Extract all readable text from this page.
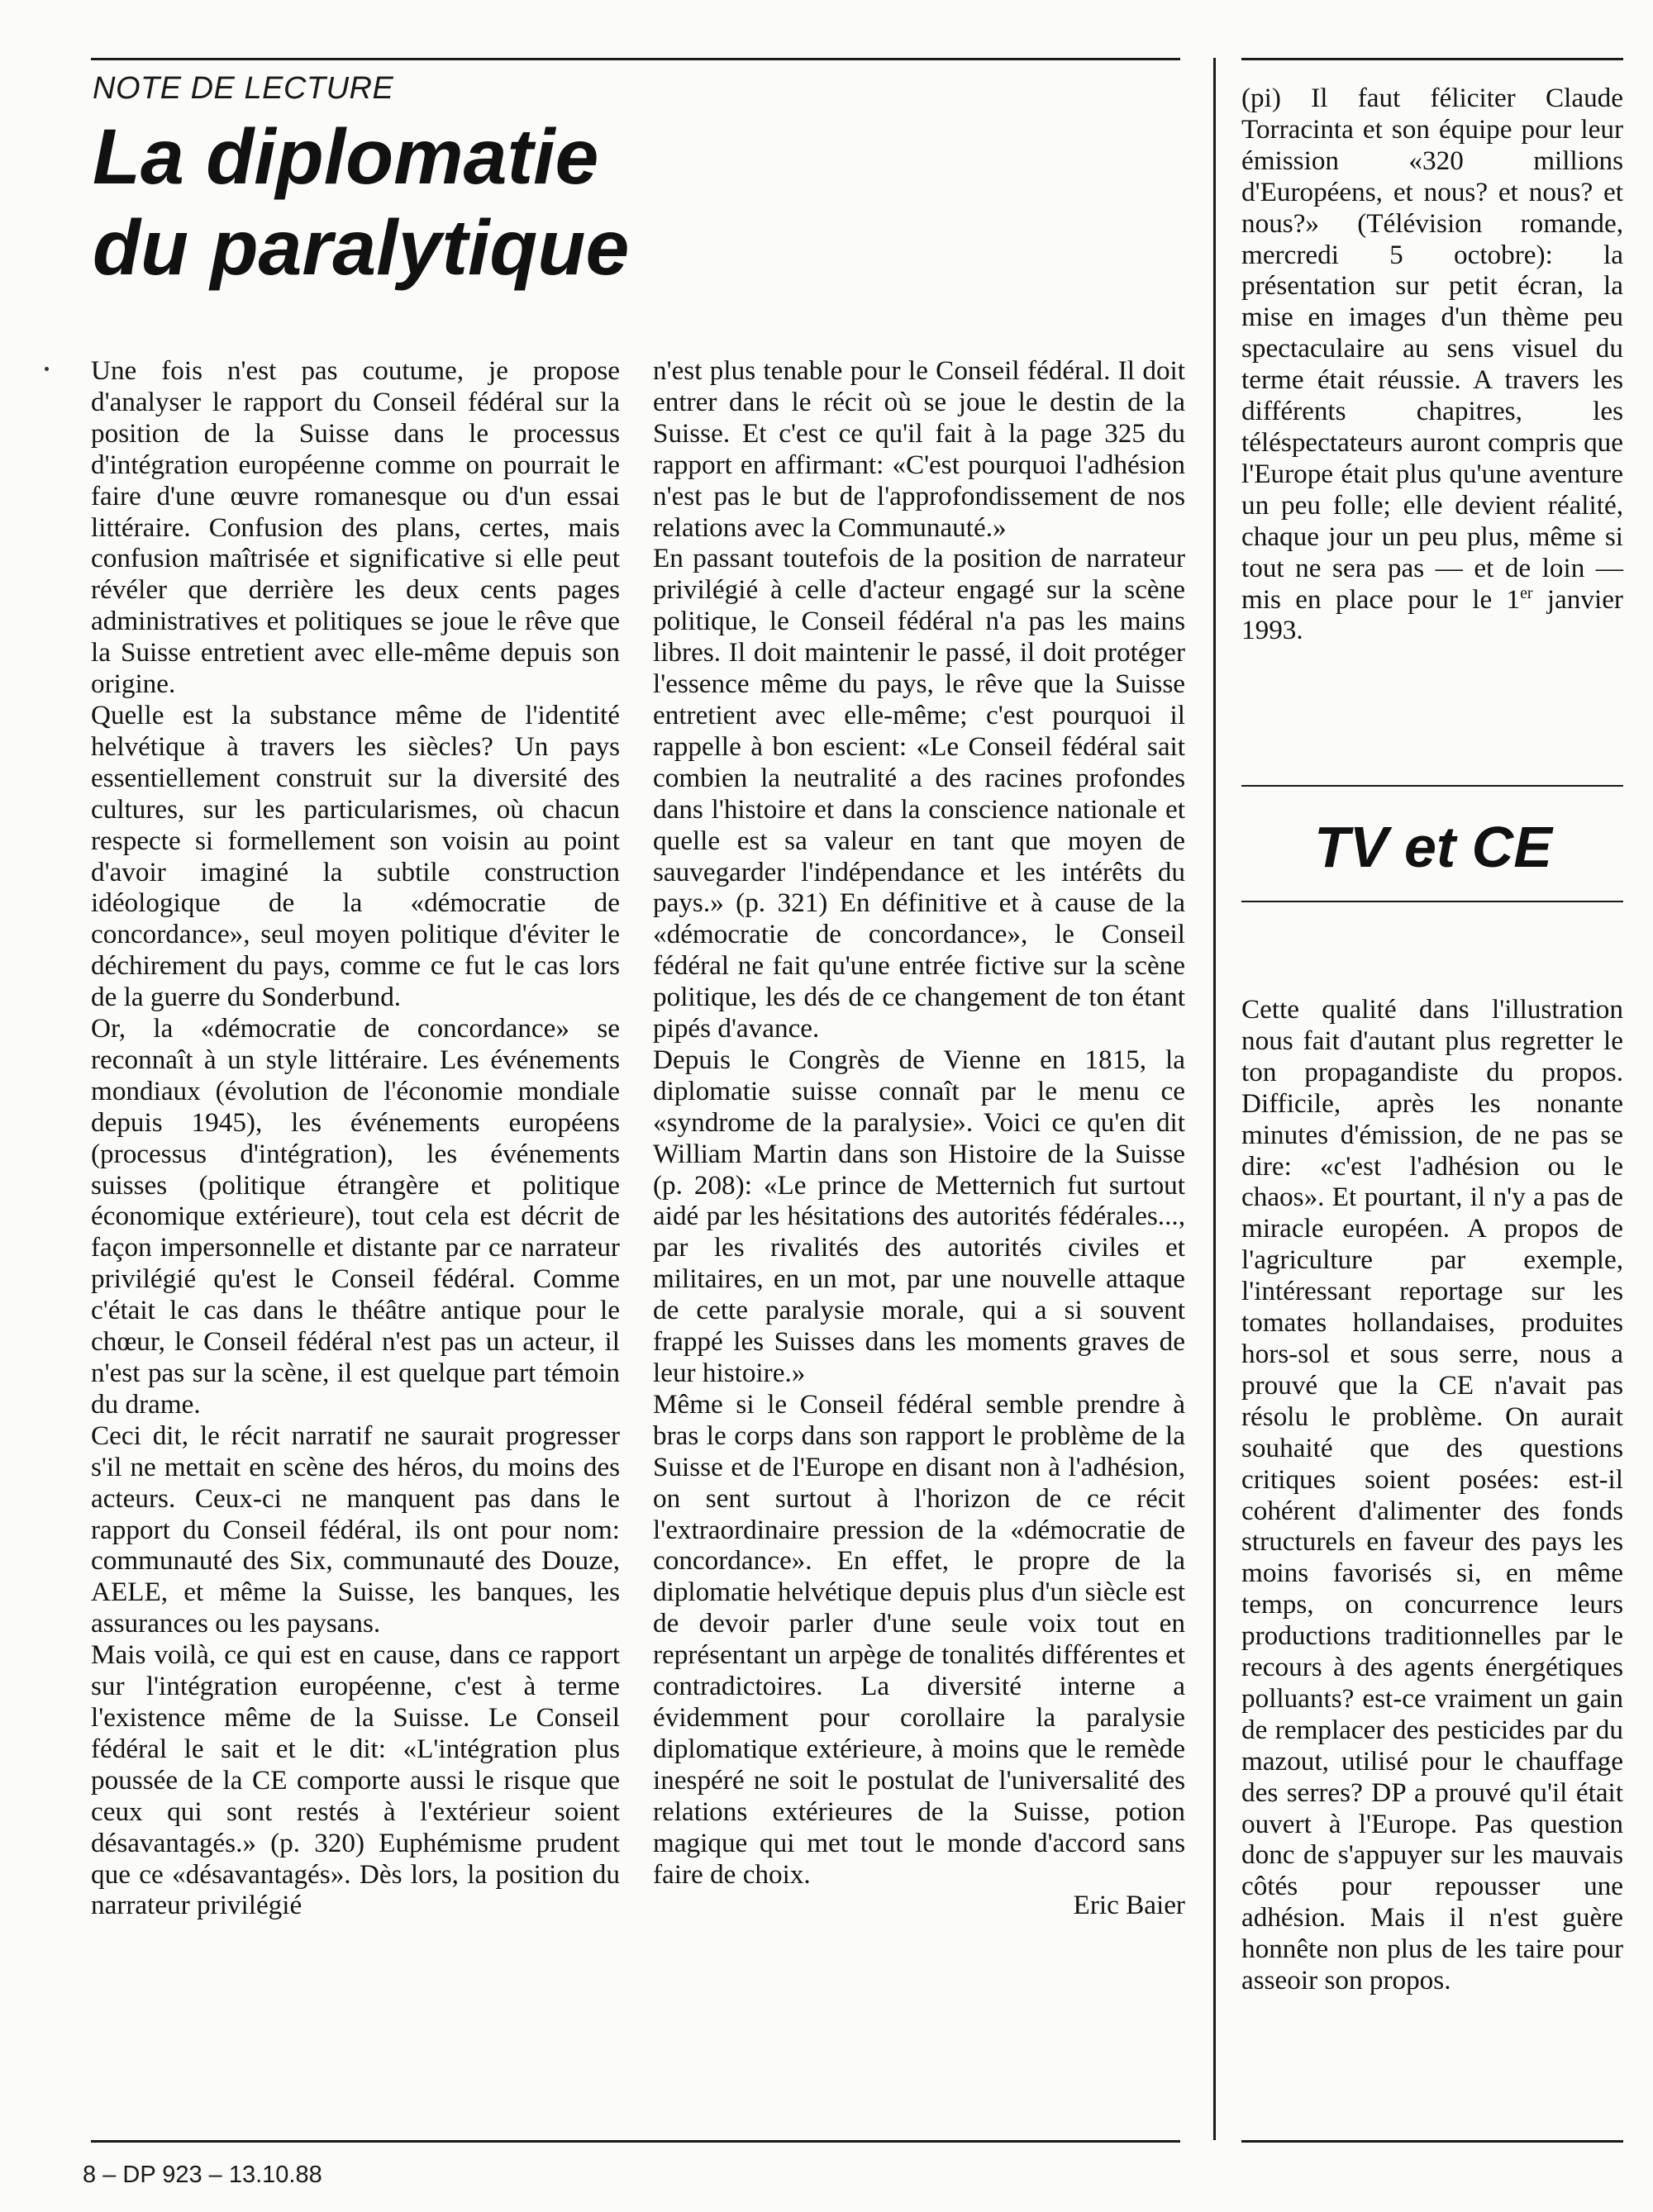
NOTE DE LECTURE
La diplomatie
du paralytique

Une fois n'est pas coutume, je propose d'analyser le rapport du Conseil fédéral sur la position de la Suisse dans le processus d'intégration européenne comme on pourrait le faire d'une œuvre romanesque ou d'un essai littéraire. Confusion des plans, certes, mais confusion maîtrisée et significative si elle peut révéler que derrière les deux cents pages administratives et politiques se joue le rêve que la Suisse entretient avec elle-même depuis son origine.

Quelle est la substance même de l'identité helvétique à travers les siècles? Un pays essentiellement construit sur la diversité des cultures, sur les particularismes, où chacun respecte si formellement son voisin au point d'avoir imaginé la subtile construction idéologique de la «démocratie de concordance», seul moyen politique d'éviter le déchirement du pays, comme ce fut le cas lors de la guerre du Sonderbund.

Or, la «démocratie de concordance» se reconnaît à un style littéraire. Les événements mondiaux (évolution de l'économie mondiale depuis 1945), les événements européens (processus d'intégration), les événements suisses (politique étrangère et politique économique extérieure), tout cela est décrit de façon impersonnelle et distante par ce narrateur privilégié qu'est le Conseil fédéral. Comme c'était le cas dans le théâtre antique pour le chœur, le Conseil fédéral n'est pas un acteur, il n'est pas sur la scène, il est quelque part témoin du drame.

Ceci dit, le récit narratif ne saurait progresser s'il ne mettait en scène des héros, du moins des acteurs. Ceux-ci ne manquent pas dans le rapport du Conseil fédéral, ils ont pour nom: communauté des Six, communauté des Douze, AELE, et même la Suisse, les banques, les assurances ou les paysans.

Mais voilà, ce qui est en cause, dans ce rapport sur l'intégration européenne, c'est à terme l'existence même de la Suisse. Le Conseil fédéral le sait et le dit: «L'intégration plus poussée de la CE comporte aussi le risque que ceux qui sont restés à l'extérieur soient désavantagés.» (p. 320) Euphémisme prudent que ce «désavantagés». Dès lors, la position du narrateur privilégié

n'est plus tenable pour le Conseil fédéral. Il doit entrer dans le récit où se joue le destin de la Suisse. Et c'est ce qu'il fait à la page 325 du rapport en affirmant: «C'est pourquoi l'adhésion n'est pas le but de l'approfondissement de nos relations avec la Communauté.»

En passant toutefois de la position de narrateur privilégié à celle d'acteur engagé sur la scène politique, le Conseil fédéral n'a pas les mains libres. Il doit maintenir le passé, il doit protéger l'essence même du pays, le rêve que la Suisse entretient avec elle-même; c'est pourquoi il rappelle à bon escient: «Le Conseil fédéral sait combien la neutralité a des racines profondes dans l'histoire et dans la conscience nationale et quelle est sa valeur en tant que moyen de sauvegarder l'indépendance et les intérêts du pays.» (p. 321) En définitive et à cause de la «démocratie de concordance», le Conseil fédéral ne fait qu'une entrée fictive sur la scène politique, les dés de ce changement de ton étant pipés d'avance.

Depuis le Congrès de Vienne en 1815, la diplomatie suisse connaît par le menu ce «syndrome de la paralysie». Voici ce qu'en dit William Martin dans son Histoire de la Suisse (p. 208): «Le prince de Metternich fut surtout aidé par les hésitations des autorités fédérales..., par les rivalités des autorités civiles et militaires, en un mot, par une nouvelle attaque de cette paralysie morale, qui a si souvent frappé les Suisses dans les moments graves de leur histoire.»

Même si le Conseil fédéral semble prendre à bras le corps dans son rapport le problème de la Suisse et de l'Europe en disant non à l'adhésion, on sent surtout à l'horizon de ce récit l'extraordinaire pression de la «démocratie de concordance». En effet, le propre de la diplomatie helvétique depuis plus d'un siècle est de devoir parler d'une seule voix tout en représentant un arpège de tonalités différentes et contradictoires. La diversité interne a évidemment pour corollaire la paralysie diplomatique extérieure, à moins que le remède inespéré ne soit le postulat de l'universalité des relations extérieures de la Suisse, potion magique qui met tout le monde d'accord sans faire de choix.

Eric Baier

(pi) Il faut féliciter Claude Torracinta et son équipe pour leur émission «320 millions d'Européens, et nous? et nous? et nous?» (Télévision romande, mercredi 5 octobre): la présentation sur petit écran, la mise en images d'un thème peu spectaculaire au sens visuel du terme était réussie. A travers les différents chapitres, les téléspectateurs auront compris que l'Europe était plus qu'une aventure un peu folle; elle devient réalité, chaque jour un peu plus, même si tout ne sera pas — et de loin — mis en place pour le 1er janvier 1993.

TV et CE

Cette qualité dans l'illustration nous fait d'autant plus regretter le ton propagandiste du propos. Difficile, après les nonante minutes d'émission, de ne pas se dire: «c'est l'adhésion ou le chaos». Et pourtant, il n'y a pas de miracle européen. A propos de l'agriculture par exemple, l'intéressant reportage sur les tomates hollandaises, produites hors-sol et sous serre, nous a prouvé que la CE n'avait pas résolu le problème. On aurait souhaité que des questions critiques soient posées: est-il cohérent d'alimenter des fonds structurels en faveur des pays les moins favorisés si, en même temps, on concurrence leurs productions traditionnelles par le recours à des agents énergétiques polluants? est-ce vraiment un gain de remplacer des pesticides par du mazout, utilisé pour le chauffage des serres? DP a prouvé qu'il était ouvert à l'Europe. Pas question donc de s'appuyer sur les mauvais côtés pour repousser une adhésion. Mais il n'est guère honnête non plus de les taire pour asseoir son propos.

8 – DP 923 – 13.10.88
